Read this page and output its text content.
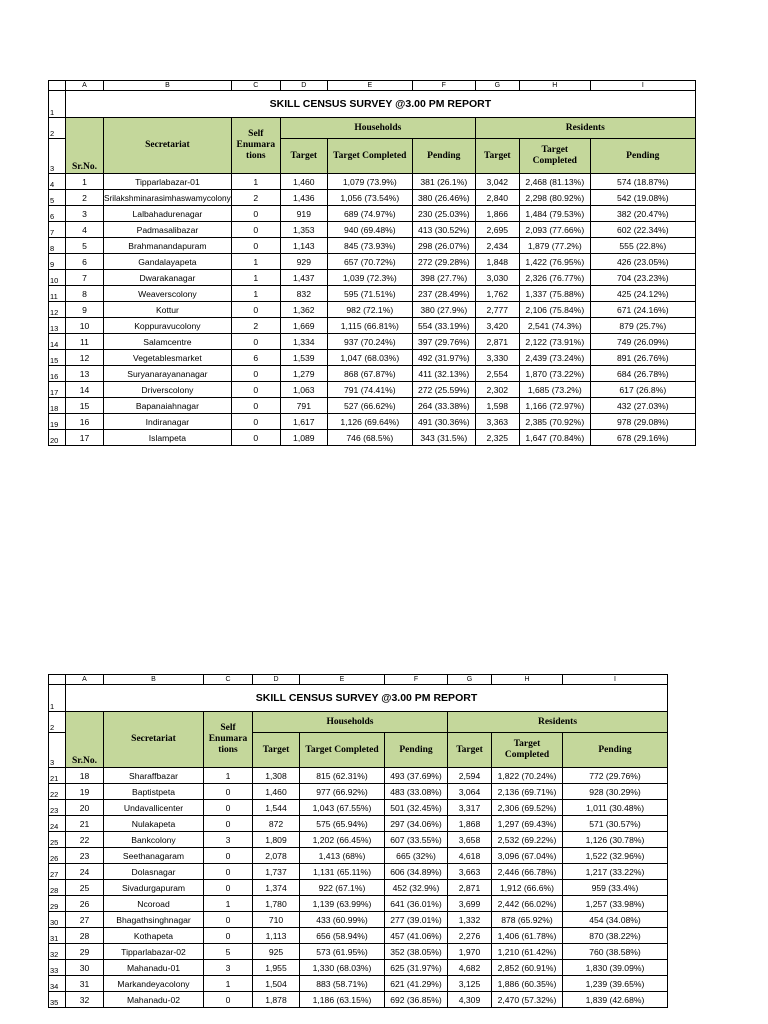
	A	B	C	D	E	F	G	H	I
1	SKILL CENSUS SURVEY @3.00 PM REPORT								
2	Sr.No.	Secretariat	Self Enumara tions	Households			Residents		
3				Target	Target Completed	Pending	Target	Target Completed	Pending
4	1	Tipparlabazar-01	1	1,460	1,079 (73.9%)	381 (26.1%)	3,042	2,468 (81.13%)	574 (18.87%)
5	2	Srilakshminarasimhaswamycolony	2	1,436	1,056 (73.54%)	380 (26.46%)	2,840	2,298 (80.92%)	542 (19.08%)
6	3	Lalbahadurenagar	0	919	689 (74.97%)	230 (25.03%)	1,866	1,484 (79.53%)	382 (20.47%)
7	4	Padmasalibazar	0	1,353	940 (69.48%)	413 (30.52%)	2,695	2,093 (77.66%)	602 (22.34%)
8	5	Brahmanandapuram	0	1,143	845 (73.93%)	298 (26.07%)	2,434	1,879 (77.2%)	555 (22.8%)
9	6	Gandalayapeta	1	929	657 (70.72%)	272 (29.28%)	1,848	1,422 (76.95%)	426 (23.05%)
10	7	Dwarakanagar	1	1,437	1,039 (72.3%)	398 (27.7%)	3,030	2,326 (76.77%)	704 (23.23%)
11	8	Weaverscolony	1	832	595 (71.51%)	237 (28.49%)	1,762	1,337 (75.88%)	425 (24.12%)
12	9	Kottur	0	1,362	982 (72.1%)	380 (27.9%)	2,777	2,106 (75.84%)	671 (24.16%)
13	10	Koppuravucolony	2	1,669	1,115 (66.81%)	554 (33.19%)	3,420	2,541 (74.3%)	879 (25.7%)
14	11	Salamcentre	0	1,334	937 (70.24%)	397 (29.76%)	2,871	2,122 (73.91%)	749 (26.09%)
15	12	Vegetablesmarket	6	1,539	1,047 (68.03%)	492 (31.97%)	3,330	2,439 (73.24%)	891 (26.76%)
16	13	Suryanarayananagar	0	1,279	868 (67.87%)	411 (32.13%)	2,554	1,870 (73.22%)	684 (26.78%)
17	14	Driverscolony	0	1,063	791 (74.41%)	272 (25.59%)	2,302	1,685 (73.2%)	617 (26.8%)
18	15	Bapanaiahnagar	0	791	527 (66.62%)	264 (33.38%)	1,598	1,166 (72.97%)	432 (27.03%)
19	16	Indiranagar	0	1,617	1,126 (69.64%)	491 (30.36%)	3,363	2,385 (70.92%)	978 (29.08%)
20	17	Islampeta	0	1,089	746 (68.5%)	343 (31.5%)	2,325	1,647 (70.84%)	678 (29.16%)
	A	B	C	D	E	F	G	H	I
1	SKILL CENSUS SURVEY @3.00 PM REPORT								
2	Sr.No.	Secretariat	Self Enumara tions	Households			Residents		
3				Target	Target Completed	Pending	Target	Target Completed	Pending
21	18	Sharaffbazar	1	1,308	815 (62.31%)	493 (37.69%)	2,594	1,822 (70.24%)	772 (29.76%)
22	19	Baptistpeta	0	1,460	977 (66.92%)	483 (33.08%)	3,064	2,136 (69.71%)	928 (30.29%)
23	20	Undavallicenter	0	1,544	1,043 (67.55%)	501 (32.45%)	3,317	2,306 (69.52%)	1,011 (30.48%)
24	21	Nulakapeta	0	872	575 (65.94%)	297 (34.06%)	1,868	1,297 (69.43%)	571 (30.57%)
25	22	Bankcolony	3	1,809	1,202 (66.45%)	607 (33.55%)	3,658	2,532 (69.22%)	1,126 (30.78%)
26	23	Seethanagaram	0	2,078	1,413 (68%)	665 (32%)	4,618	3,096 (67.04%)	1,522 (32.96%)
27	24	Dolasnagar	0	1,737	1,131 (65.11%)	606 (34.89%)	3,663	2,446 (66.78%)	1,217 (33.22%)
28	25	Sivadurgapuram	0	1,374	922 (67.1%)	452 (32.9%)	2,871	1,912 (66.6%)	959 (33.4%)
29	26	Ncoroad	1	1,780	1,139 (63.99%)	641 (36.01%)	3,699	2,442 (66.02%)	1,257 (33.98%)
30	27	Bhagathsinghnagar	0	710	433 (60.99%)	277 (39.01%)	1,332	878 (65.92%)	454 (34.08%)
31	28	Kothapeta	0	1,113	656 (58.94%)	457 (41.06%)	2,276	1,406 (61.78%)	870 (38.22%)
32	29	Tipparlabazar-02	5	925	573 (61.95%)	352 (38.05%)	1,970	1,210 (61.42%)	760 (38.58%)
33	30	Mahanadu-01	3	1,955	1,330 (68.03%)	625 (31.97%)	4,682	2,852 (60.91%)	1,830 (39.09%)
34	31	Markandeyacolony	1	1,504	883 (58.71%)	621 (41.29%)	3,125	1,886 (60.35%)	1,239 (39.65%)
35	32	Mahanadu-02	0	1,878	1,186 (63.15%)	692 (36.85%)	4,309	2,470 (57.32%)	1,839 (42.68%)
